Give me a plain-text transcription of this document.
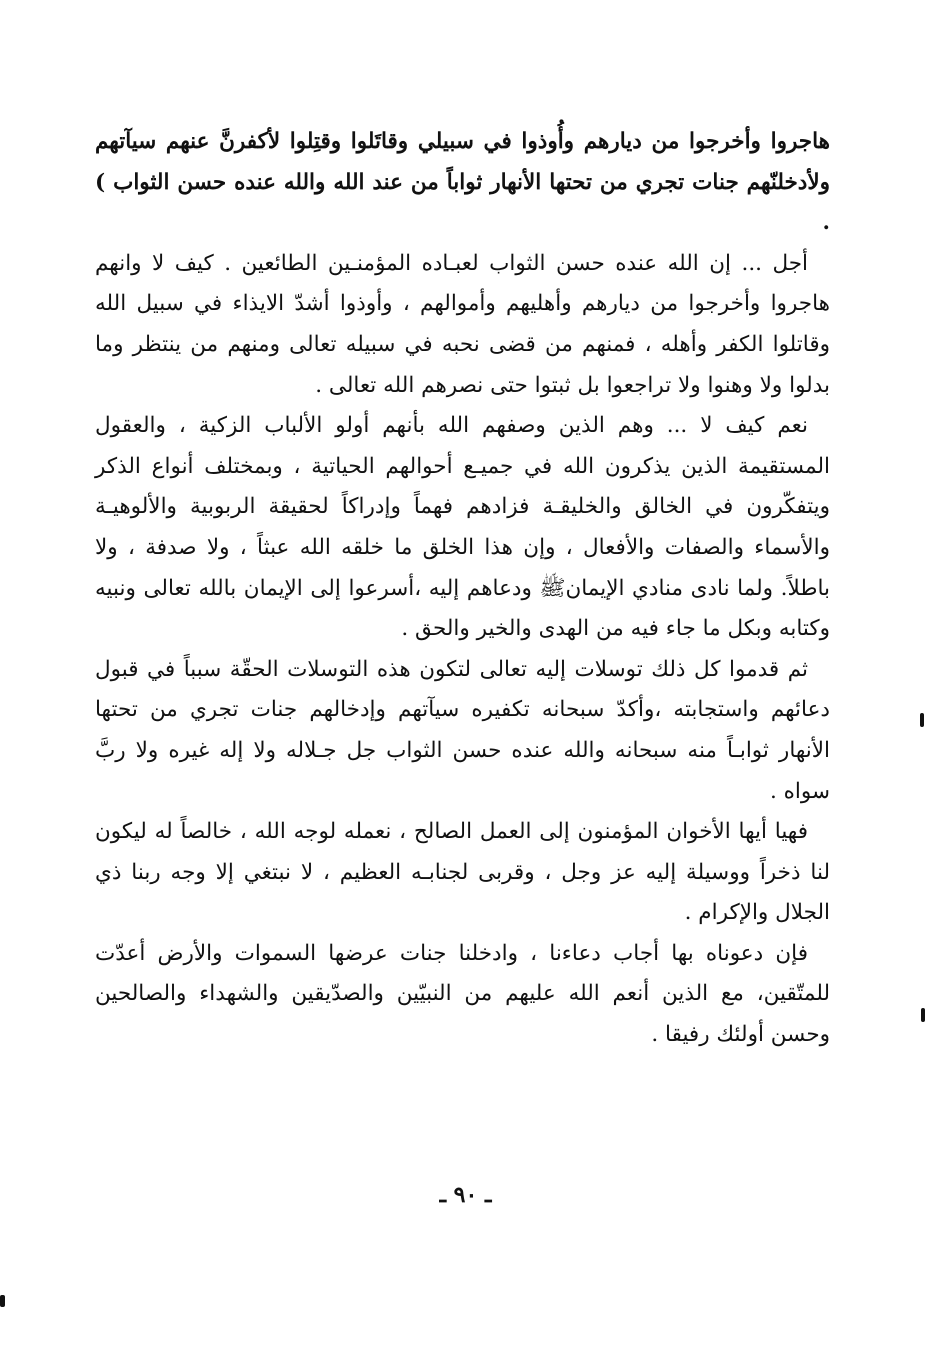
هاجروا وأخرجوا من ديارهم وأُوذوا في سبيلي وقاتَلوا وقتِلوا لأكفرنَّ عنهم سيآتهم ولأدخلنّهم جنات تجري من تحتها الأنهار ثواباً من عند الله والله عنده حسن الثواب ) .

أجل ... إن الله عنده حسن الثواب لعبـاده المؤمنـين الطائعين . كيف لا وانهم هاجروا وأخرجوا من ديارهم وأهليهم وأموالهم ، وأوذوا أشدّ الايذاء في سبيل الله وقاتلوا الكفر وأهله ، فمنهم من قضى نحبه في سبيله تعالى ومنهم من ينتظر وما بدلوا ولا وهنوا ولا تراجعوا بل ثبتوا حتى نصرهم الله تعالى .

نعم كيف لا ... وهم الذين وصفهم الله بأنهم أولو الألباب الزكية ، والعقول المستقيمة الذين يذكرون الله في جميـع أحوالهم الحياتية ، وبمختلف أنواع الذكر ويتفكّرون في الخالق والخليقـة فزادهم فهماً وإدراكاً لحقيقة الربوبية والألوهيـة والأسماء والصفات والأفعال ، وإن هذا الخلق ما خلقه الله عبثاً ، ولا صدفة ، ولا باطلاً. ولما نادى منادي الإيمانﷺ ودعاهم إليه ،أسرعوا إلى الإيمان بالله تعالى ونبيه وكتابه وبكل ما جاء فيه من الهدى والخير والحق .

ثم قدموا كل ذلك توسلات إليه تعالى لتكون هذه التوسلات الحقّة سبباً في قبول دعائهم واستجابته ،وأكدّ سبحانه تكفيره سيآتهم وإدخالهم جنات تجري من تحتها الأنهار ثوابـاً منه سبحانه والله عنده حسن الثواب جل جـلاله ولا إله غيره ولا ربَّ سواه .

فهيا أيها الأخوان المؤمنون إلى العمل الصالح ، نعمله لوجه الله ، خالصاً له ليكون لنا ذخراً ووسيلة إليه عز وجل ، وقربى لجنابـه العظيم ، لا نبتغي إلا وجه ربنا ذي الجلال والإكرام .

فإن دعوناه بها أجاب دعاءنا ، وادخلنا جنات عرضها السموات والأرض أعدّت للمتّقين، مع الذين أنعم الله عليهم من النبيّين والصدّيقين والشهداء والصالحين وحسن أولئك رفيقا .

ـ ٩٠ ـ
